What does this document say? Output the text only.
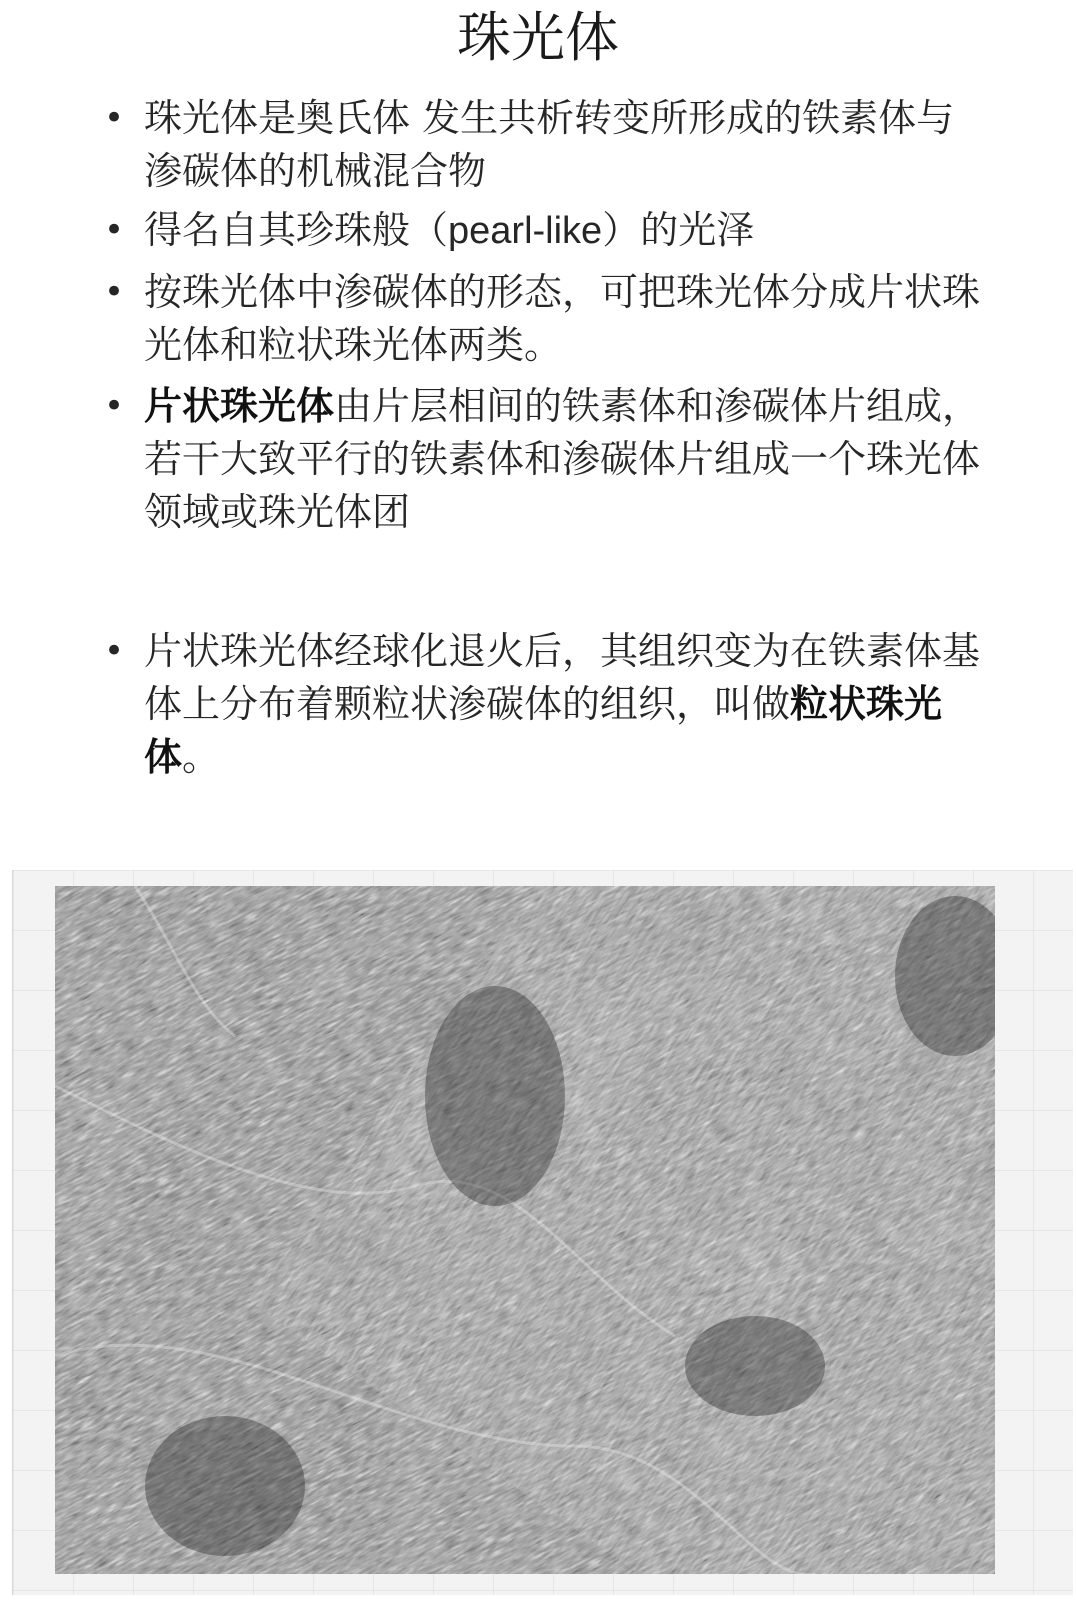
珠光体
• 珠光体是奥氏体 发生共析转变所形成的铁素体与渗碳体的机械混合物
• 得名自其珍珠般（pearl-like）的光泽
• 按珠光体中渗碳体的形态，可把珠光体分成片状珠光体和粒状珠光体两类。
• 片状珠光体由片层相间的铁素体和渗碳体片组成，若干大致平行的铁素体和渗碳体片组成一个珠光体领域或珠光体团
• 片状珠光体经球化退火后，其组织变为在铁素体基体上分布着颗粒状渗碳体的组织，叫做粒状珠光体。
